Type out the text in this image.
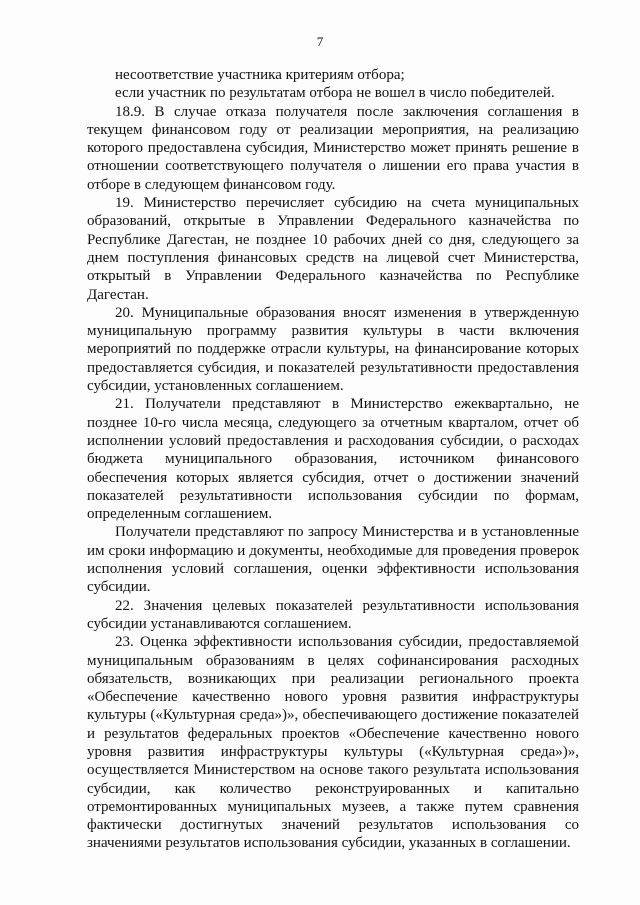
7

несоответствие участника критериям отбора;

если участник по результатам отбора не вошел в число победителей.

18.9. В случае отказа получателя после заключения соглашения в текущем финансовом году от реализации мероприятия, на реализацию которого предоставлена субсидия, Министерство может принять решение в отношении соответствующего получателя о лишении его права участия в отборе в следующем финансовом году.

19. Министерство перечисляет субсидию на счета муниципальных образований, открытые в Управлении Федерального казначейства по Республике Дагестан, не позднее 10 рабочих дней со дня, следующего за днем поступления финансовых средств на лицевой счет Министерства, открытый в Управлении Федерального казначейства по Республике Дагестан.

20. Муниципальные образования вносят изменения в утвержденную муниципальную программу развития культуры в части включения мероприятий по поддержке отрасли культуры, на финансирование которых предоставляется субсидия, и показателей результативности предоставления субсидии, установленных соглашением.

21. Получатели представляют в Министерство ежеквартально, не позднее 10-го числа месяца, следующего за отчетным кварталом, отчет об исполнении условий предоставления и расходования субсидии, о расходах бюджета муниципального образования, источником финансового обеспечения которых является субсидия, отчет о достижении значений показателей результативности использования субсидии по формам, определенным соглашением.

Получатели представляют по запросу Министерства и в установленные им сроки информацию и документы, необходимые для проведения проверок исполнения условий соглашения, оценки эффективности использования субсидии.

22. Значения целевых показателей результативности использования субсидии устанавливаются соглашением.

23. Оценка эффективности использования субсидии, предоставляемой муниципальным образованиям в целях софинансирования расходных обязательств, возникающих при реализации регионального проекта «Обеспечение качественно нового уровня развития инфраструктуры культуры («Культурная среда»)», обеспечивающего достижение показателей и результатов федеральных проектов «Обеспечение качественно нового уровня развития инфраструктуры культуры («Культурная среда»)», осуществляется Министерством на основе такого результата использования субсидии, как количество реконструированных и капитально отремонтированных муниципальных музеев, а также путем сравнения фактически достигнутых значений результатов использования со значениями результатов использования субсидии, указанных в соглашении.
